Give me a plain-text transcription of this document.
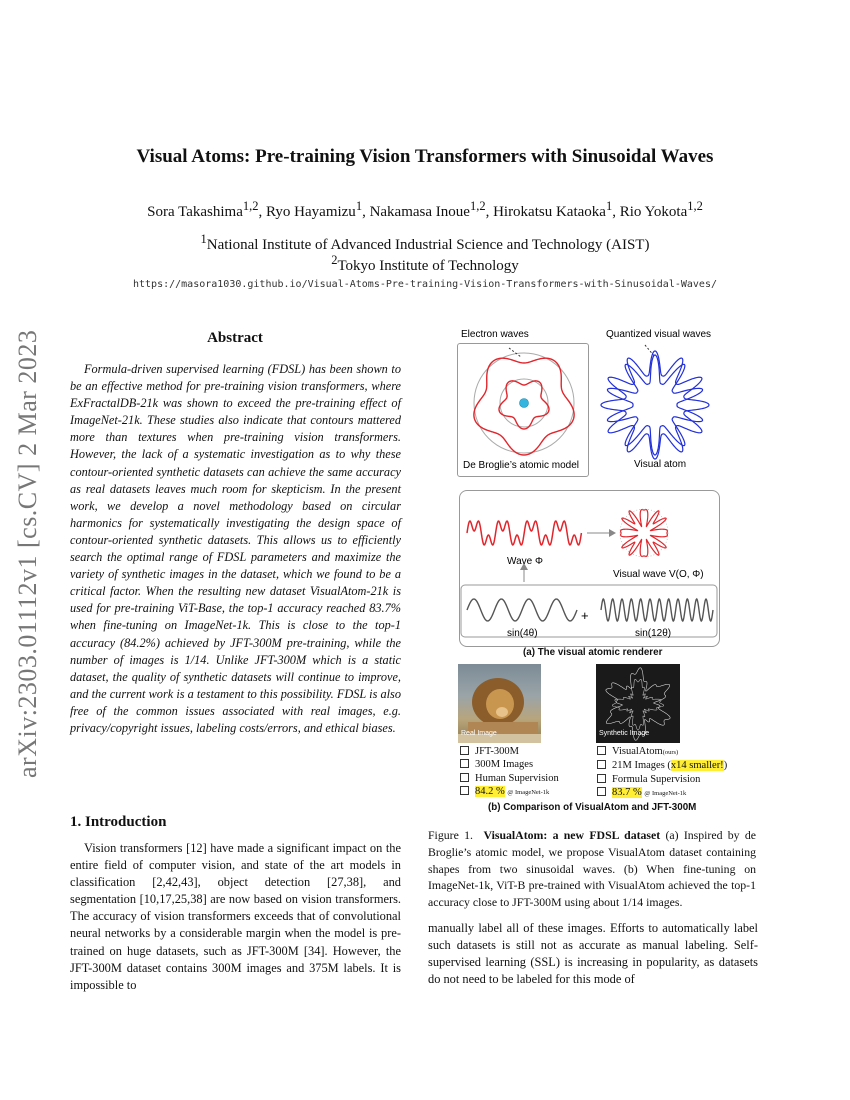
Visual Atoms: Pre-training Vision Transformers with Sinusoidal Waves
Sora Takashima$^{1,2}$, Ryo Hayamizu$^1$, Nakamasa Inoue$^{1,2}$, Hirokatsu Kataoka$^1$, Rio Yokota$^{1,2}$
$^1$National Institute of Advanced Industrial Science and Technology (AIST)
$^2$Tokyo Institute of Technology
https://masora1030.github.io/Visual-Atoms-Pre-training-Vision-Transformers-with-Sinusoidal-Waves/
arXiv:2303.01112v1 [cs.CV] 2 Mar 2023	Abstract
Formula-driven supervised learning (FDSL) has been shown to be an effective method for pre-training vision transformers, where ExFractalDB-21k was shown to exceed the pre-training effect of ImageNet-21k. These studies also indicate that contours mattered more than textures when pre-training vision transformers. However, the lack of a systematic investigation as to why these contour-oriented synthetic datasets can achieve the same accuracy as real datasets leaves much room for skepticism. In the present work, we develop a novel methodology based on circular harmonics for systematically investigating the design space of contour-oriented synthetic datasets. This allows us to efficiently search the optimal range of FDSL parameters and maximize the variety of synthetic images in the dataset, which we found to be a critical factor. When the resulting new dataset VisualAtom-21k is used for pre-training ViT-Base, the top-1 accuracy reached 83.7% when fine-tuning on ImageNet-1k. This is close to the top-1 accuracy (84.2%) achieved by JFT-300M pre-training, while the number of images is 1/14. Unlike JFT-300M which is a static dataset, the quality of synthetic datasets will continue to improve, and the current work is a testament to this possibility. FDSL is also free of the common issues associated with real images, e.g. privacy/copyright issues, labeling costs/errors, and ethical biases.
1. Introduction
Vision transformers [12] have made a significant impact on the entire field of computer vision, and state of the art models in classification [2,42,43], object detection [27,38], and segmentation [10,17,25,38] are now based on vision transformers. The accuracy of vision transformers exceeds that of convolutional neural networks by a considerable margin when the model is pre-trained on huge datasets, such as JFT-300M [34]. However, the JFT-300M dataset contains 300M images and 375M labels. It is impossible to
Electron waves
De Broglie’s atomic model
Quantized visual waves
Visual atom
Wave Φ
Visual wave V(O, Φ)
+
sin(4θ)	sin(12θ)
(a) The visual atomic renderer
Real Image	Synthetic Image
JFT-300M
300M Images
Human Supervision
84.2 % @ ImageNet-1k
VisualAtom(ours)
21M Images (x14 smaller!)
Formula Supervision
83.7 % @ ImageNet-1k
(b) Comparison of VisualAtom and JFT-300M
Figure 1. VisualAtom: a new FDSL dataset (a) Inspired by de Broglie’s atomic model, we propose VisualAtom dataset containing shapes from two sinusoidal waves. (b) When fine-tuning on ImageNet-1k, ViT-B pre-trained with VisualAtom achieved the top-1 accuracy close to JFT-300M using about 1/14 images.
manually label all of these images. Efforts to automatically label such datasets is still not as accurate as manual labeling. Self-supervised learning (SSL) is increasing in popularity, as datasets do not need to be labeled for this mode of
